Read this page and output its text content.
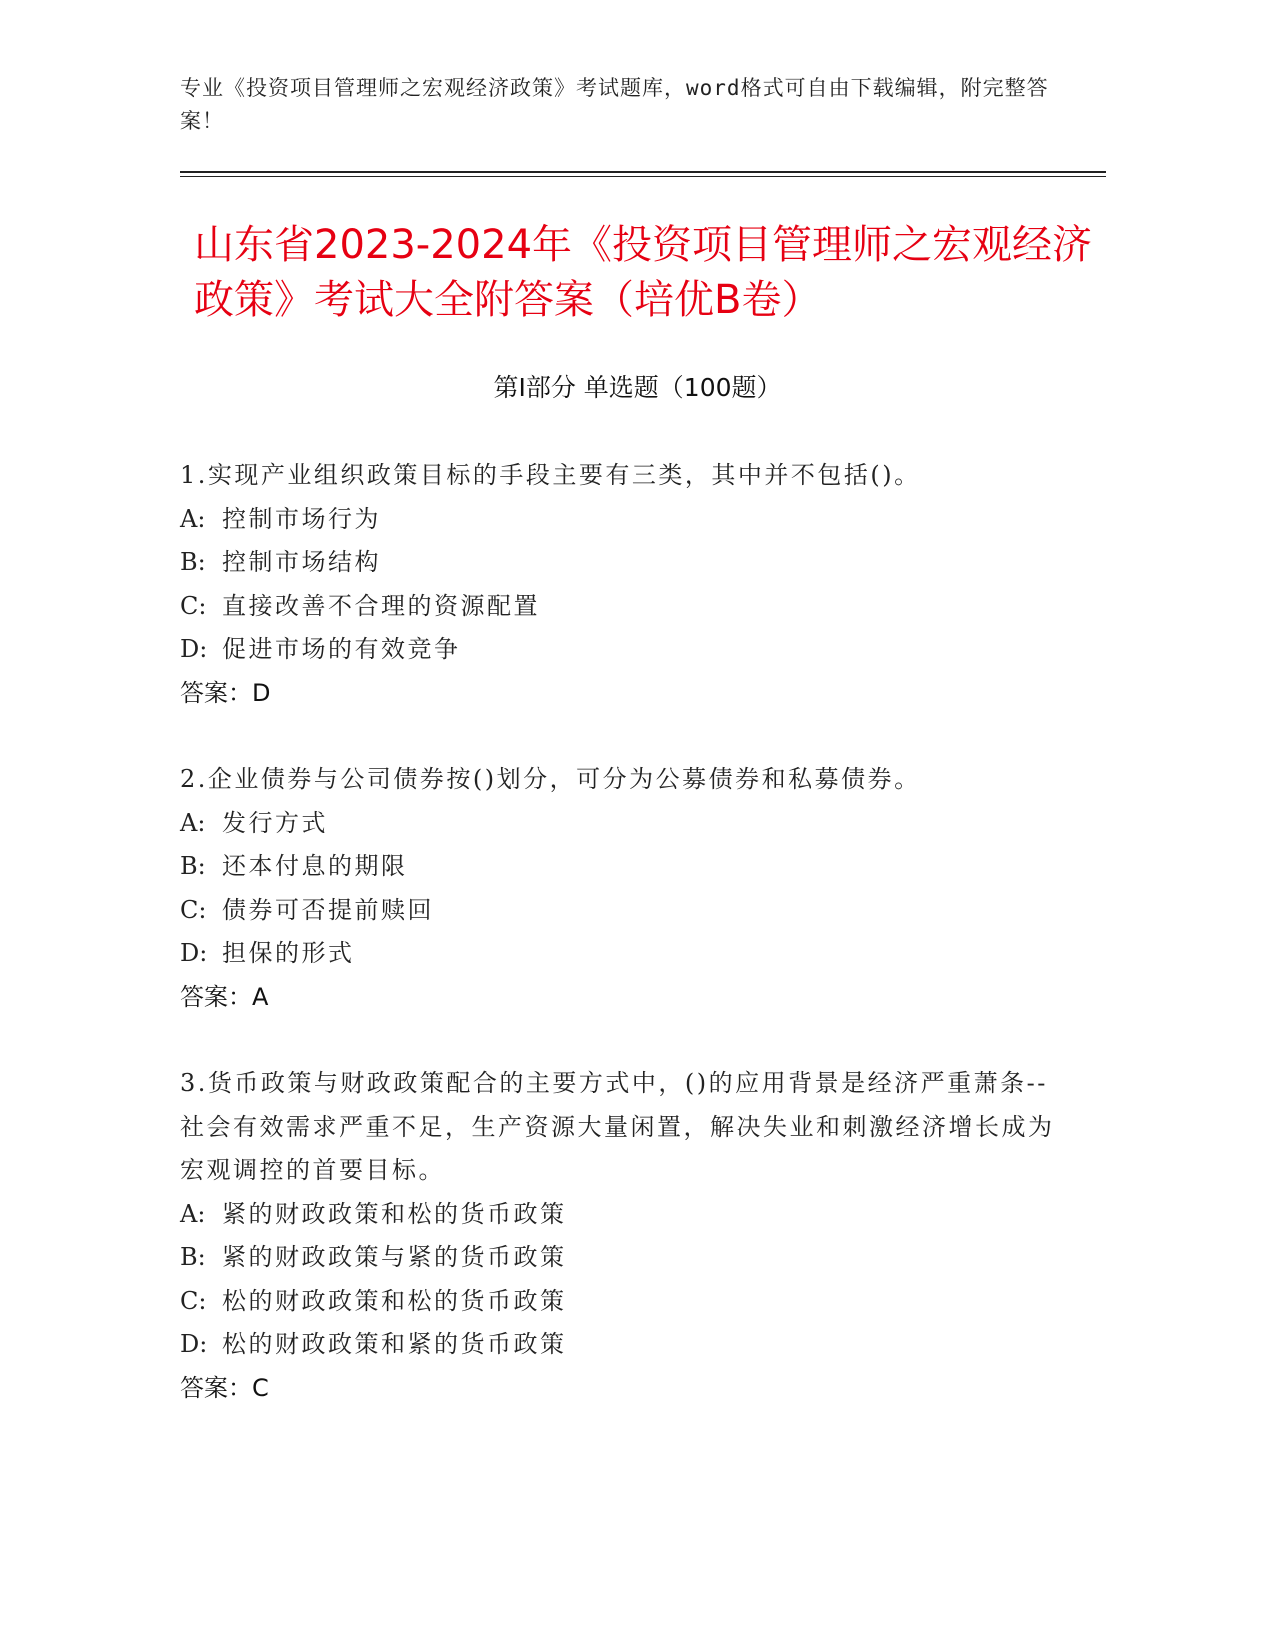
专业《投资项目管理师之宏观经济政策》考试题库，word格式可自由下载编辑，附完整答案！
山东省2023-2024年《投资项目管理师之宏观经济政策》考试大全附答案（培优B卷）
第I部分 单选题（100题）
1.实现产业组织政策目标的手段主要有三类，其中并不包括()。
A: 控制市场行为
B: 控制市场结构
C: 直接改善不合理的资源配置
D: 促进市场的有效竞争
答案：D
2.企业债券与公司债券按()划分，可分为公募债券和私募债券。
A: 发行方式
B: 还本付息的期限
C: 债券可否提前赎回
D: 担保的形式
答案：A
3.货币政策与财政政策配合的主要方式中，()的应用背景是经济严重萧条--社会有效需求严重不足，生产资源大量闲置，解决失业和刺激经济增长成为宏观调控的首要目标。
A: 紧的财政政策和松的货币政策
B: 紧的财政政策与紧的货币政策
C: 松的财政政策和松的货币政策
D: 松的财政政策和紧的货币政策
答案：C
